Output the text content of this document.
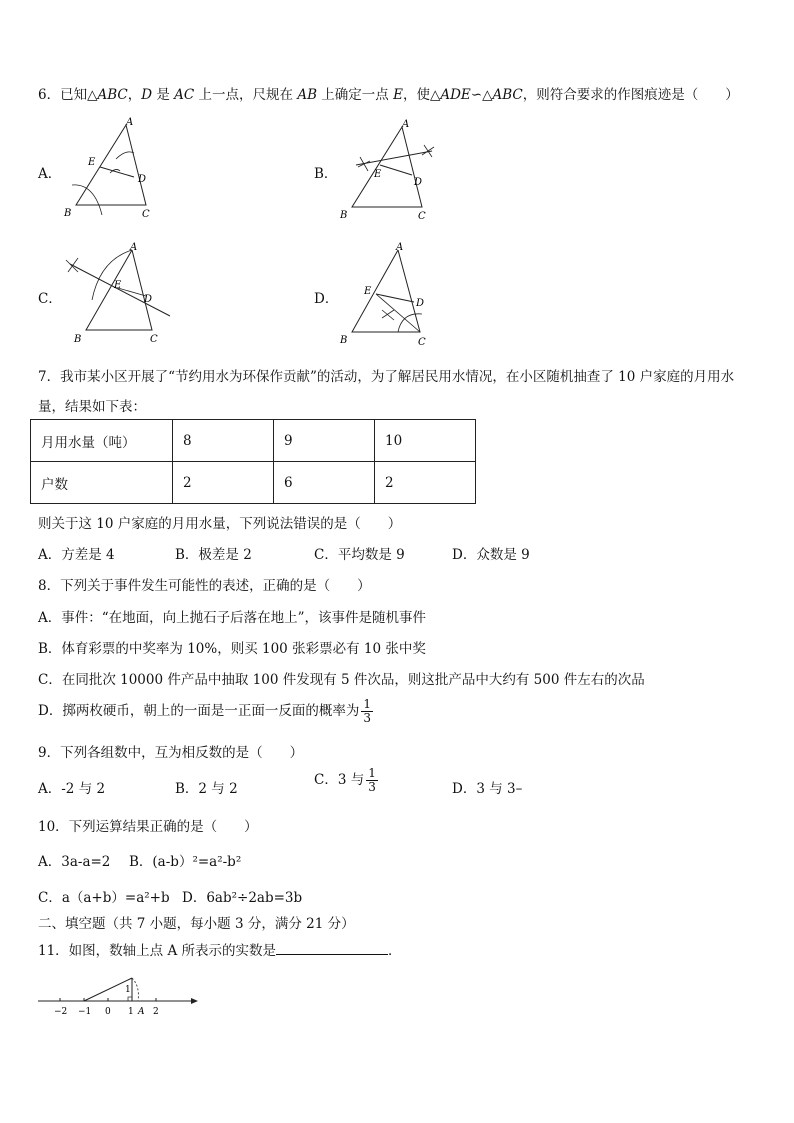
6．已知△ABC，D 是 AC 上一点，尺规在 AB 上确定一点 E，使△ADE∽△ABC，则符合要求的作图痕迹是（　　）
A．	B．
C．	D．
A
E
D
B	C
A
E
D
B	C
A
E
D
B	C
A
E
D
B	C
7．我市某小区开展了“节约用水为环保作贡献”的活动，为了解居民用水情况，在小区随机抽查了 10 户家庭的月用水
量，结果如下表：
月用水量（吨）	8	9	10
户数	2	6	2
则关于这 10 户家庭的月用水量，下列说法错误的是（　　）
A．方差是 4	B．极差是 2	C．平均数是 9	D．众数是 9
8．下列关于事件发生可能性的表述，正确的是（　　）
A．事件：“在地面，向上抛石子后落在地上”，该事件是随机事件
B．体育彩票的中奖率为 10%，则买 100 张彩票必有 10 张中奖
C．在同批次 10000 件产品中抽取 100 件发现有 5 件次品，则这批产品中大约有 500 件左右的次品
D．掷两枚硬币，朝上的一面是一正面一反面的概率为 $\frac{1}{3}$
9．下列各组数中，互为相反数的是（　　）
A．-2 与 2	B．2 与 2
C．3 与 $\frac{1}{3}$	D．3 与 3–
10．下列运算结果正确的是（　　）
A．3a-a=2 B．(a-b）²=a²-b²
C．a（a+b）=a²+b D．6ab²÷2ab=3b
二、填空题（共 7 小题，每小题 3 分，满分 21 分）
11．如图，数轴上点 A 所表示的实数是	．
−2 −1 0 1 2
1
A
